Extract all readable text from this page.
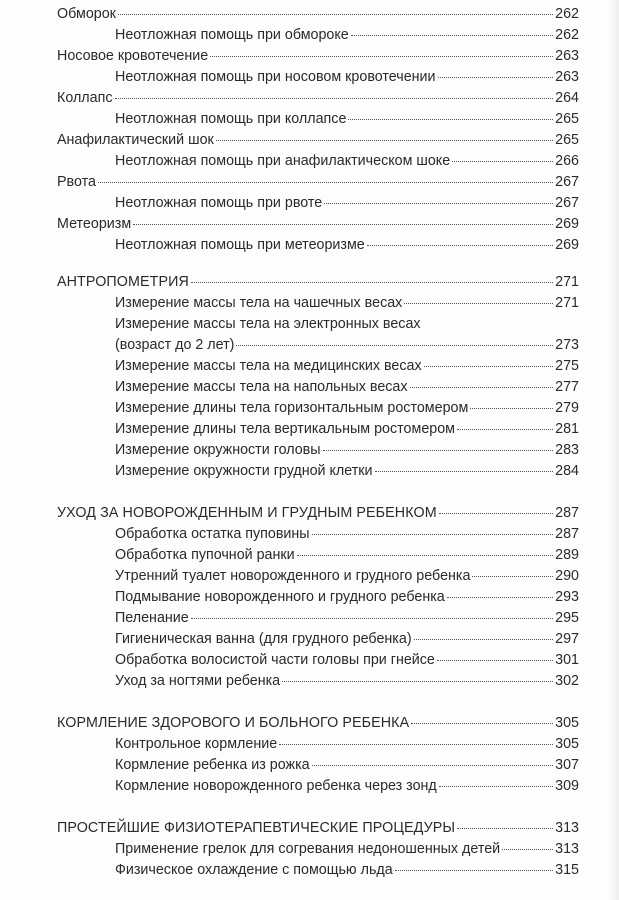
Обморок	262
Неотложная помощь при обмороке	262
Носовое кровотечение	263
Неотложная помощь при носовом кровотечении	263
Коллапс	264
Неотложная помощь при коллапсе	265
Анафилактический шок	265
Неотложная помощь при анафилактическом шоке	266
Рвота	267
Неотложная помощь при рвоте	267
Метеоризм	269
Неотложная помощь при метеоризме	269
АНТРОПОМЕТРИЯ	271
Измерение массы тела на чашечных весах	271
Измерение массы тела на электронных весах
(возраст до 2 лет)	273
Измерение массы тела на медицинских весах	275
Измерение массы тела на напольных весах	277
Измерение длины тела горизонтальным ростомером	279
Измерение длины тела вертикальным ростомером	281
Измерение окружности головы	283
Измерение окружности грудной клетки	284
УХОД ЗА НОВОРОЖДЕННЫМ И ГРУДНЫМ РЕБЕНКОМ	287
Обработка остатка пуповины	287
Обработка пупочной ранки	289
Утренний туалет новорожденного и грудного ребенка	290
Подмывание новорожденного и грудного ребенка	293
Пеленание	295
Гигиеническая ванна (для грудного ребенка)	297
Обработка волосистой части головы при гнейсе	301
Уход за ногтями ребенка	302
КОРМЛЕНИЕ ЗДОРОВОГО И БОЛЬНОГО РЕБЕНКА	305
Контрольное кормление	305
Кормление ребенка из рожка	307
Кормление новорожденного ребенка через зонд	309
ПРОСТЕЙШИЕ ФИЗИОТЕРАПЕВТИЧЕСКИЕ ПРОЦЕДУРЫ	313
Применение грелок для согревания недоношенных детей	313
Физическое охлаждение с помощью льда	315
